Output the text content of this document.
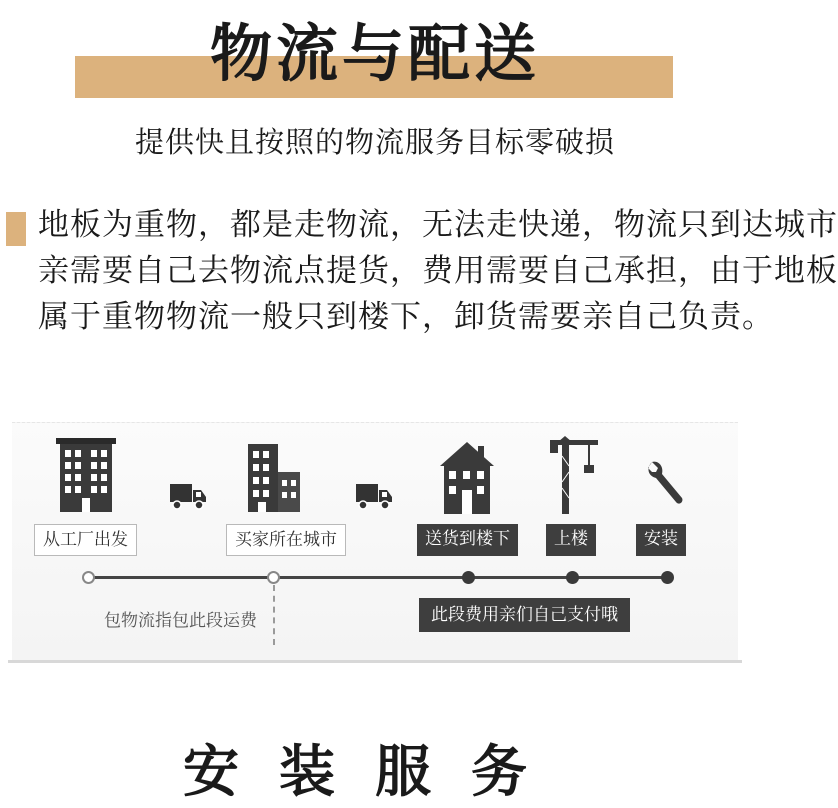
物流与配送
提供快且按照的物流服务目标零破损
地板为重物，都是走物流，无法走快递，物流只到达城市
亲需要自己去物流点提货，费用需要自己承担，由于地板
属于重物物流一般只到楼下，卸货需要亲自己负责。
从工厂出发	买家所在城市	送货到楼下	上楼	安装
包物流指包此段运费	此段费用亲们自己支付哦
安装服务
